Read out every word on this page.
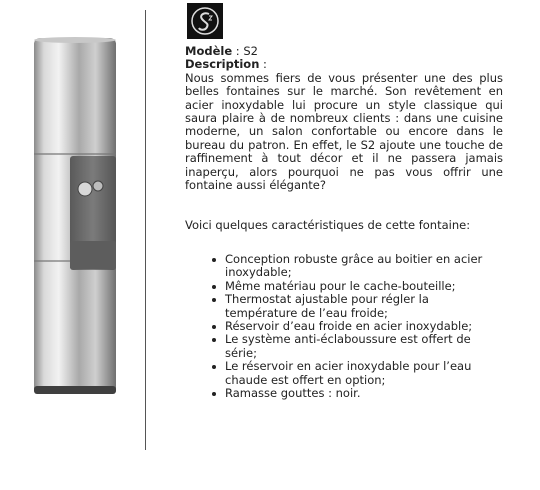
Modèle : S2

Description :

Nous sommes fiers de vous présenter une des plus belles fontaines sur le marché. Son revêtement en acier inoxydable lui procure un style classique qui saura plaire à de nombreux clients : dans une cuisine moderne, un salon confortable ou encore dans le bureau du patron. En effet, le S2 ajoute une touche de raffinement à tout décor et il ne passera jamais inaperçu, alors pourquoi ne pas vous offrir une fontaine aussi élégante?

Voici quelques caractéristiques de cette fontaine:

Conception robuste grâce au boitier en acier inoxydable;
Même matériau pour le cache-bouteille;
Thermostat ajustable pour régler la température de l’eau froide;
Réservoir d’eau froide en acier inoxydable;
Le système anti-éclaboussure est offert de série;
Le réservoir en acier inoxydable pour l’eau chaude est offert en option;
Ramasse gouttes : noir.
